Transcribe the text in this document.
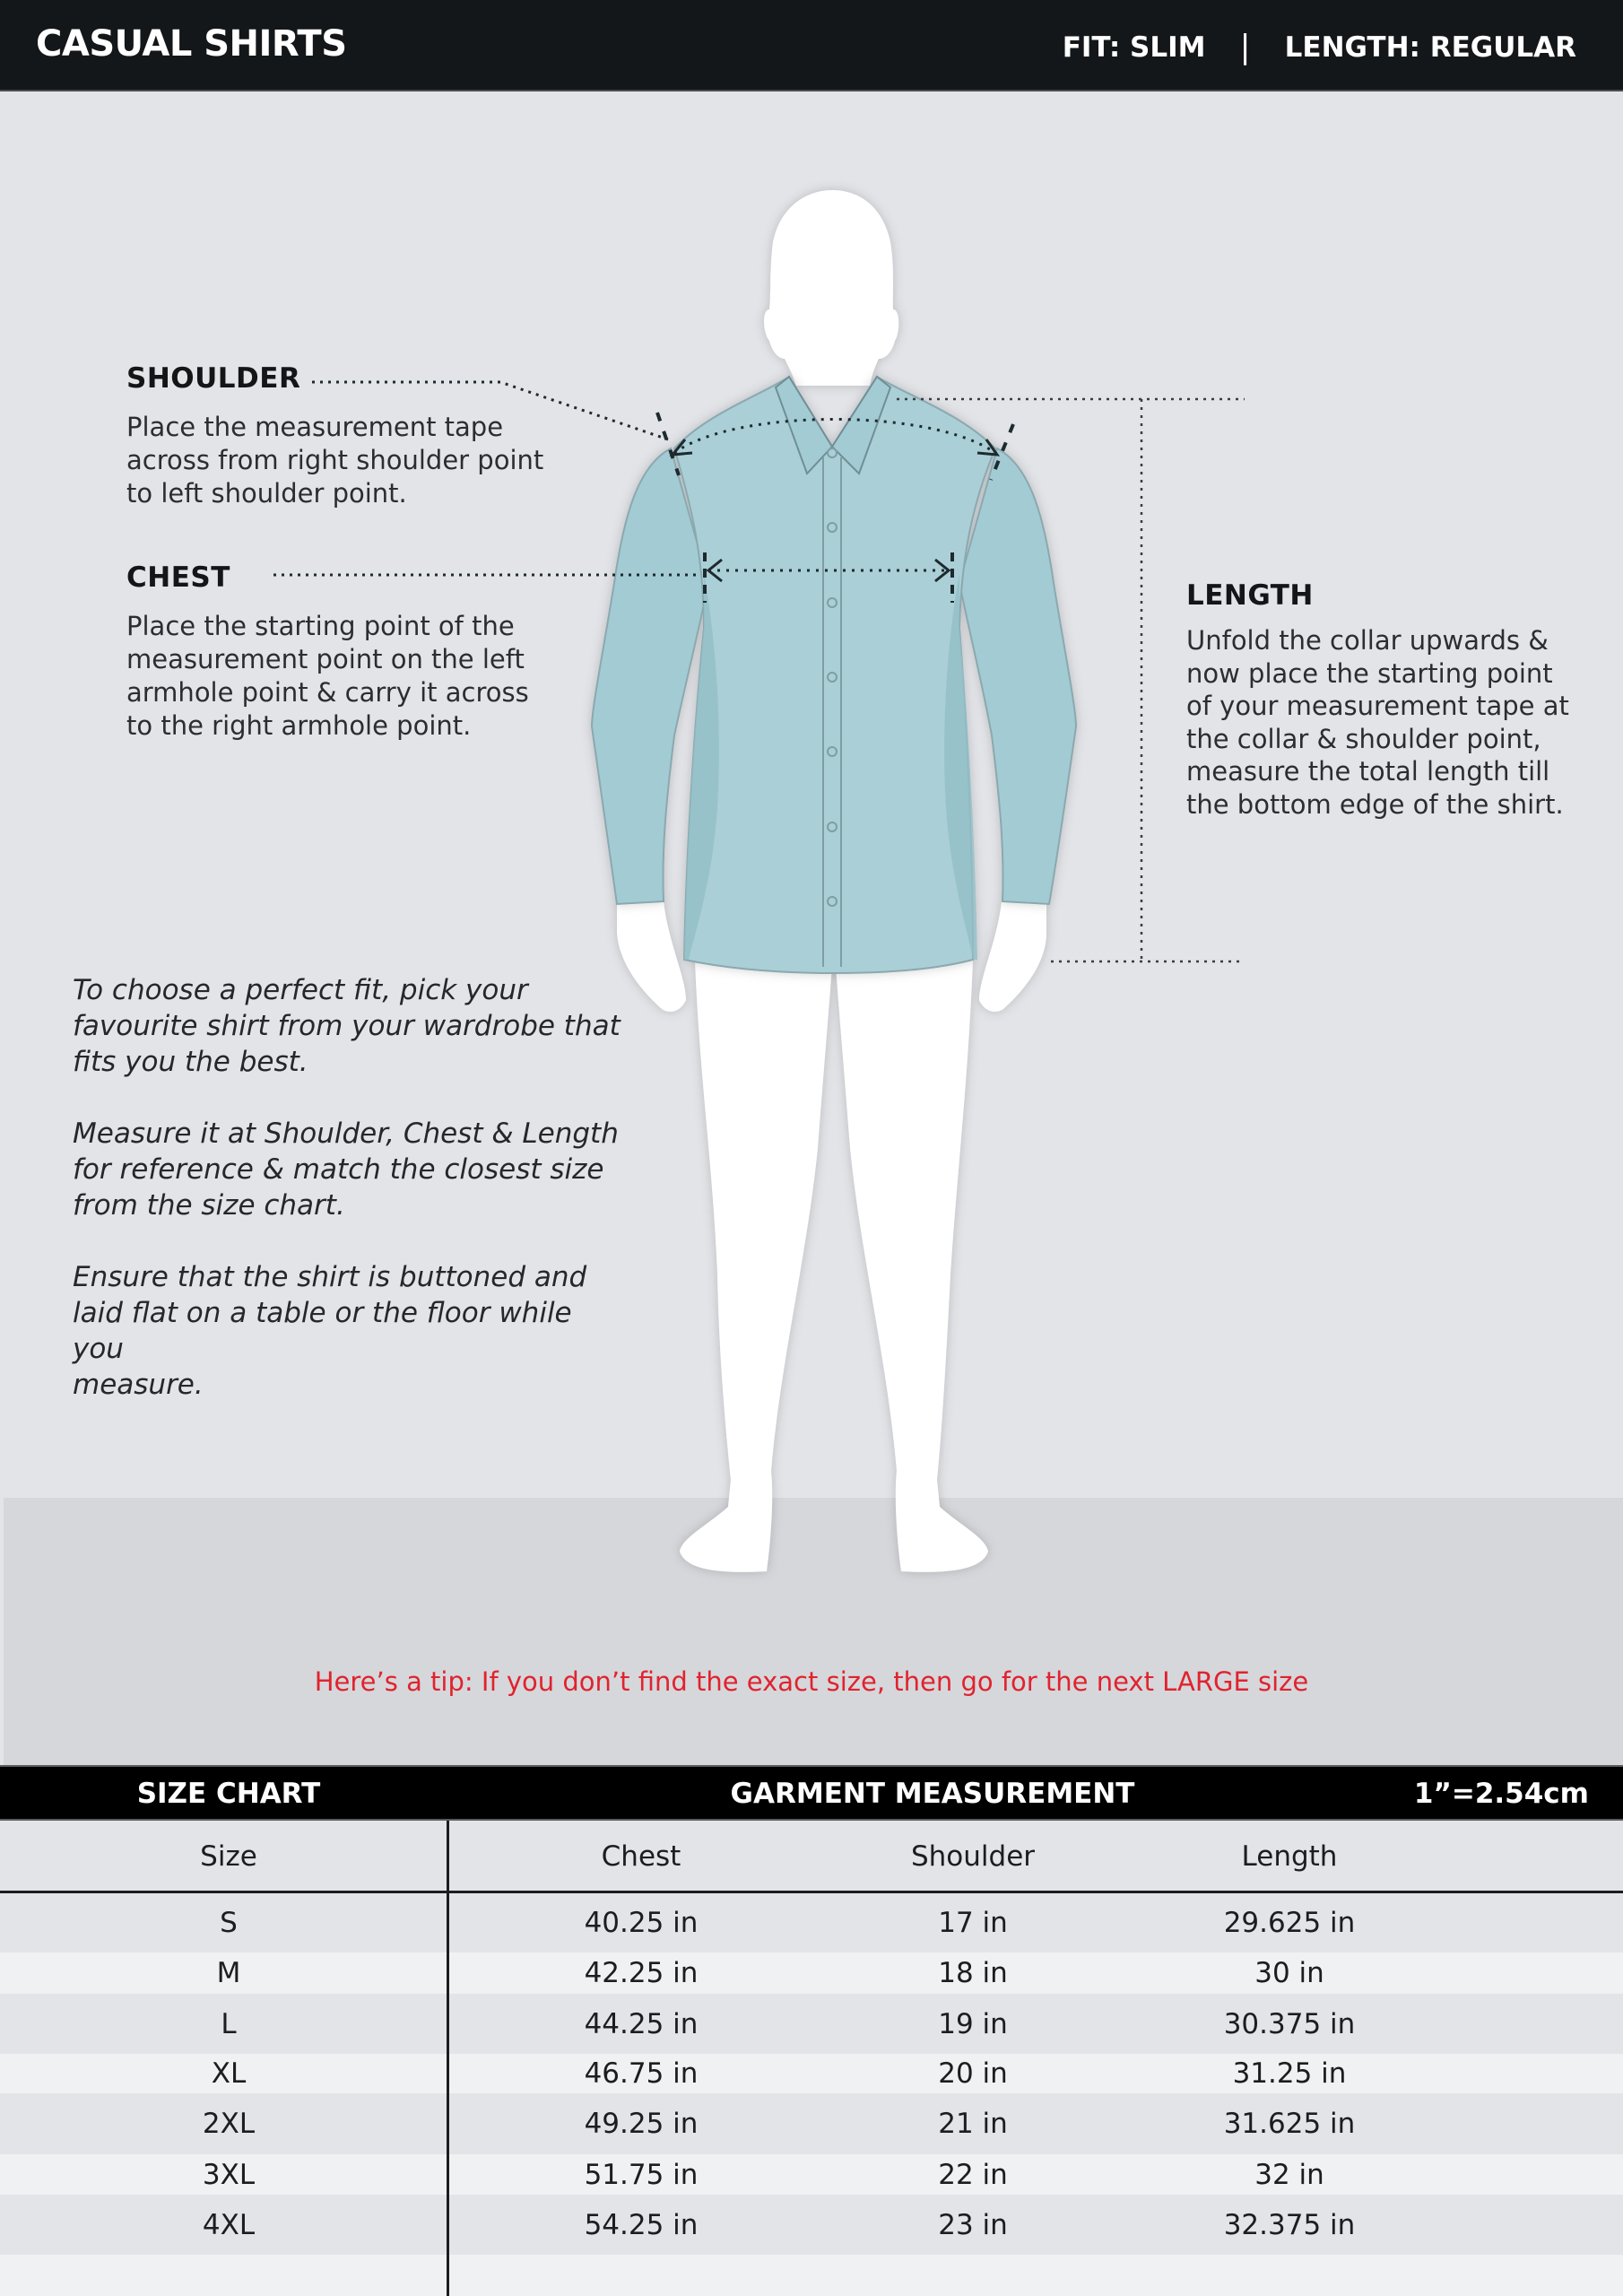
CASUAL SHIRTS	FIT: SLIM | LENGTH: REGULAR
SHOULDER
Place the measurement tape
across from right shoulder point
to left shoulder point.
CHEST
Place the starting point of the
measurement point on the left
armhole point & carry it across
to the right armhole point.
LENGTH
Unfold the collar upwards &
now place the starting point
of your measurement tape at
the collar & shoulder point,
measure the total length till
the bottom edge of the shirt.

To choose a perfect fit, pick your
favourite shirt from your wardrobe that
fits you the best.

Measure it at Shoulder, Chest & Length
for reference & match the closest size
from the size chart.

Ensure that the shirt is buttoned and
laid flat on a table or the floor while you
measure.

Here’s a tip: If you don’t find the exact size, then go for the next LARGE size
SIZE CHART	GARMENT MEASUREMENT	1”=2.54cm
Size	Chest	Shoulder	Length
S	40.25 in	17 in	29.625 in
M	42.25 in	18 in	30 in
L	44.25 in	19 in	30.375 in
XL	46.75 in	20 in	31.25 in
2XL	49.25 in	21 in	31.625 in
3XL	51.75 in	22 in	32 in
4XL	54.25 in	23 in	32.375 in
